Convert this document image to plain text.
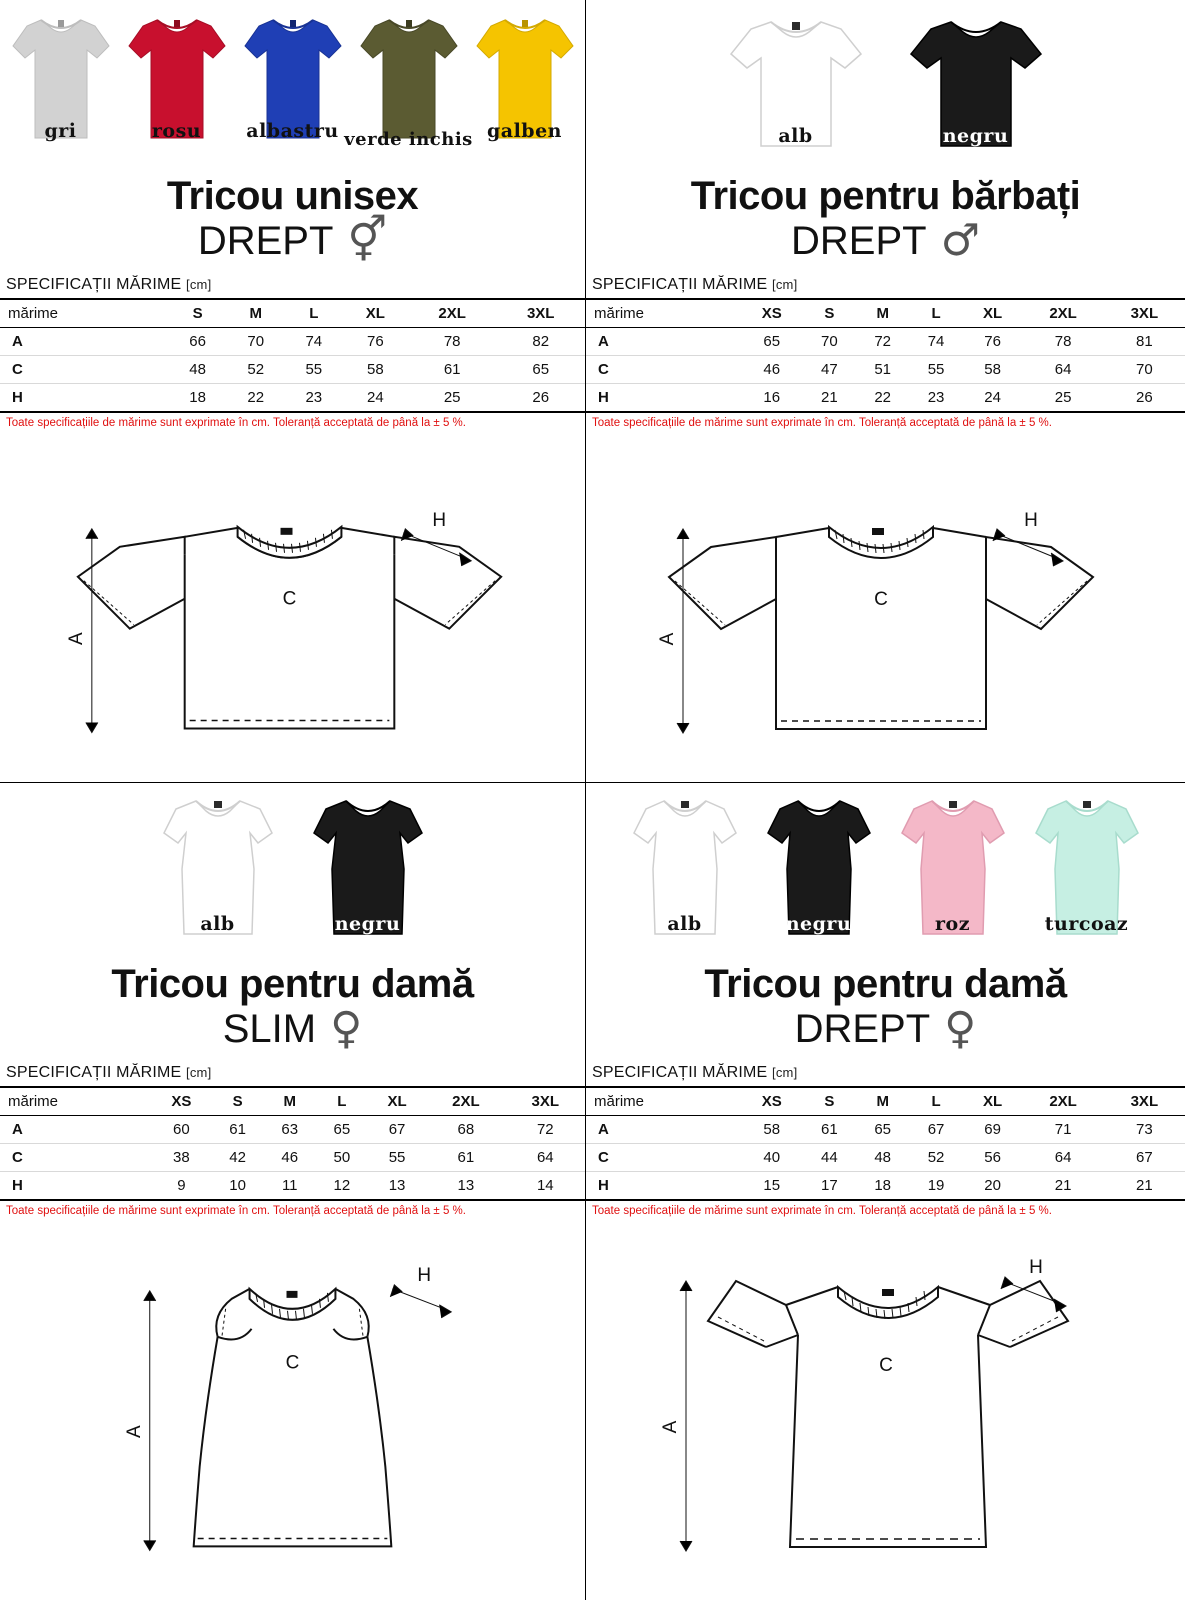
gri	rosu albastru verde inchis galben
Tricou unisex
DREPT ⚥
SPECIFICAȚII MĂRIME [cm]
mărime	S	M	L	XL	2XL	3XL
A	66	70	74	76	78	82
C	48	52	55	58	61	65
H	18	22	23	24	25	26
Toate specificațiile de mărime sunt exprimate în cm. Toleranță acceptată de până la ± 5 %.
A
C
H
alb	negru
Tricou pentru bărbați
DREPT ♂
SPECIFICAȚII MĂRIME [cm]
mărime	XS	S	M	L	XL	2XL	3XL
A	65	70	72	74	76	78	81
C	46	47	51	55	58	64	70
H	16	21	22	23	24	25	26
Toate specificațiile de mărime sunt exprimate în cm. Toleranță acceptată de până la ± 5 %.
A
C
H
alb	negru
Tricou pentru damă
SLIM ♀
SPECIFICAȚII MĂRIME [cm]
mărime	XS	S	M	L	XL	2XL	3XL
A	60	61	63	65	67	68	72
C	38	42	46	50	55	61	64
H	9	10	11	12	13	13	14
Toate specificațiile de mărime sunt exprimate în cm. Toleranță acceptată de până la ± 5 %.
A
C
H
alb	negru	roz	turcoaz
Tricou pentru damă
DREPT ♀
SPECIFICAȚII MĂRIME [cm]
mărime	XS	S	M	L	XL	2XL	3XL
A	58	61	65	67	69	71	73
C	40	44	48	52	56	64	67
H	15	17	18	19	20	21	21
Toate specificațiile de mărime sunt exprimate în cm. Toleranță acceptată de până la ± 5 %.
A
C
H
